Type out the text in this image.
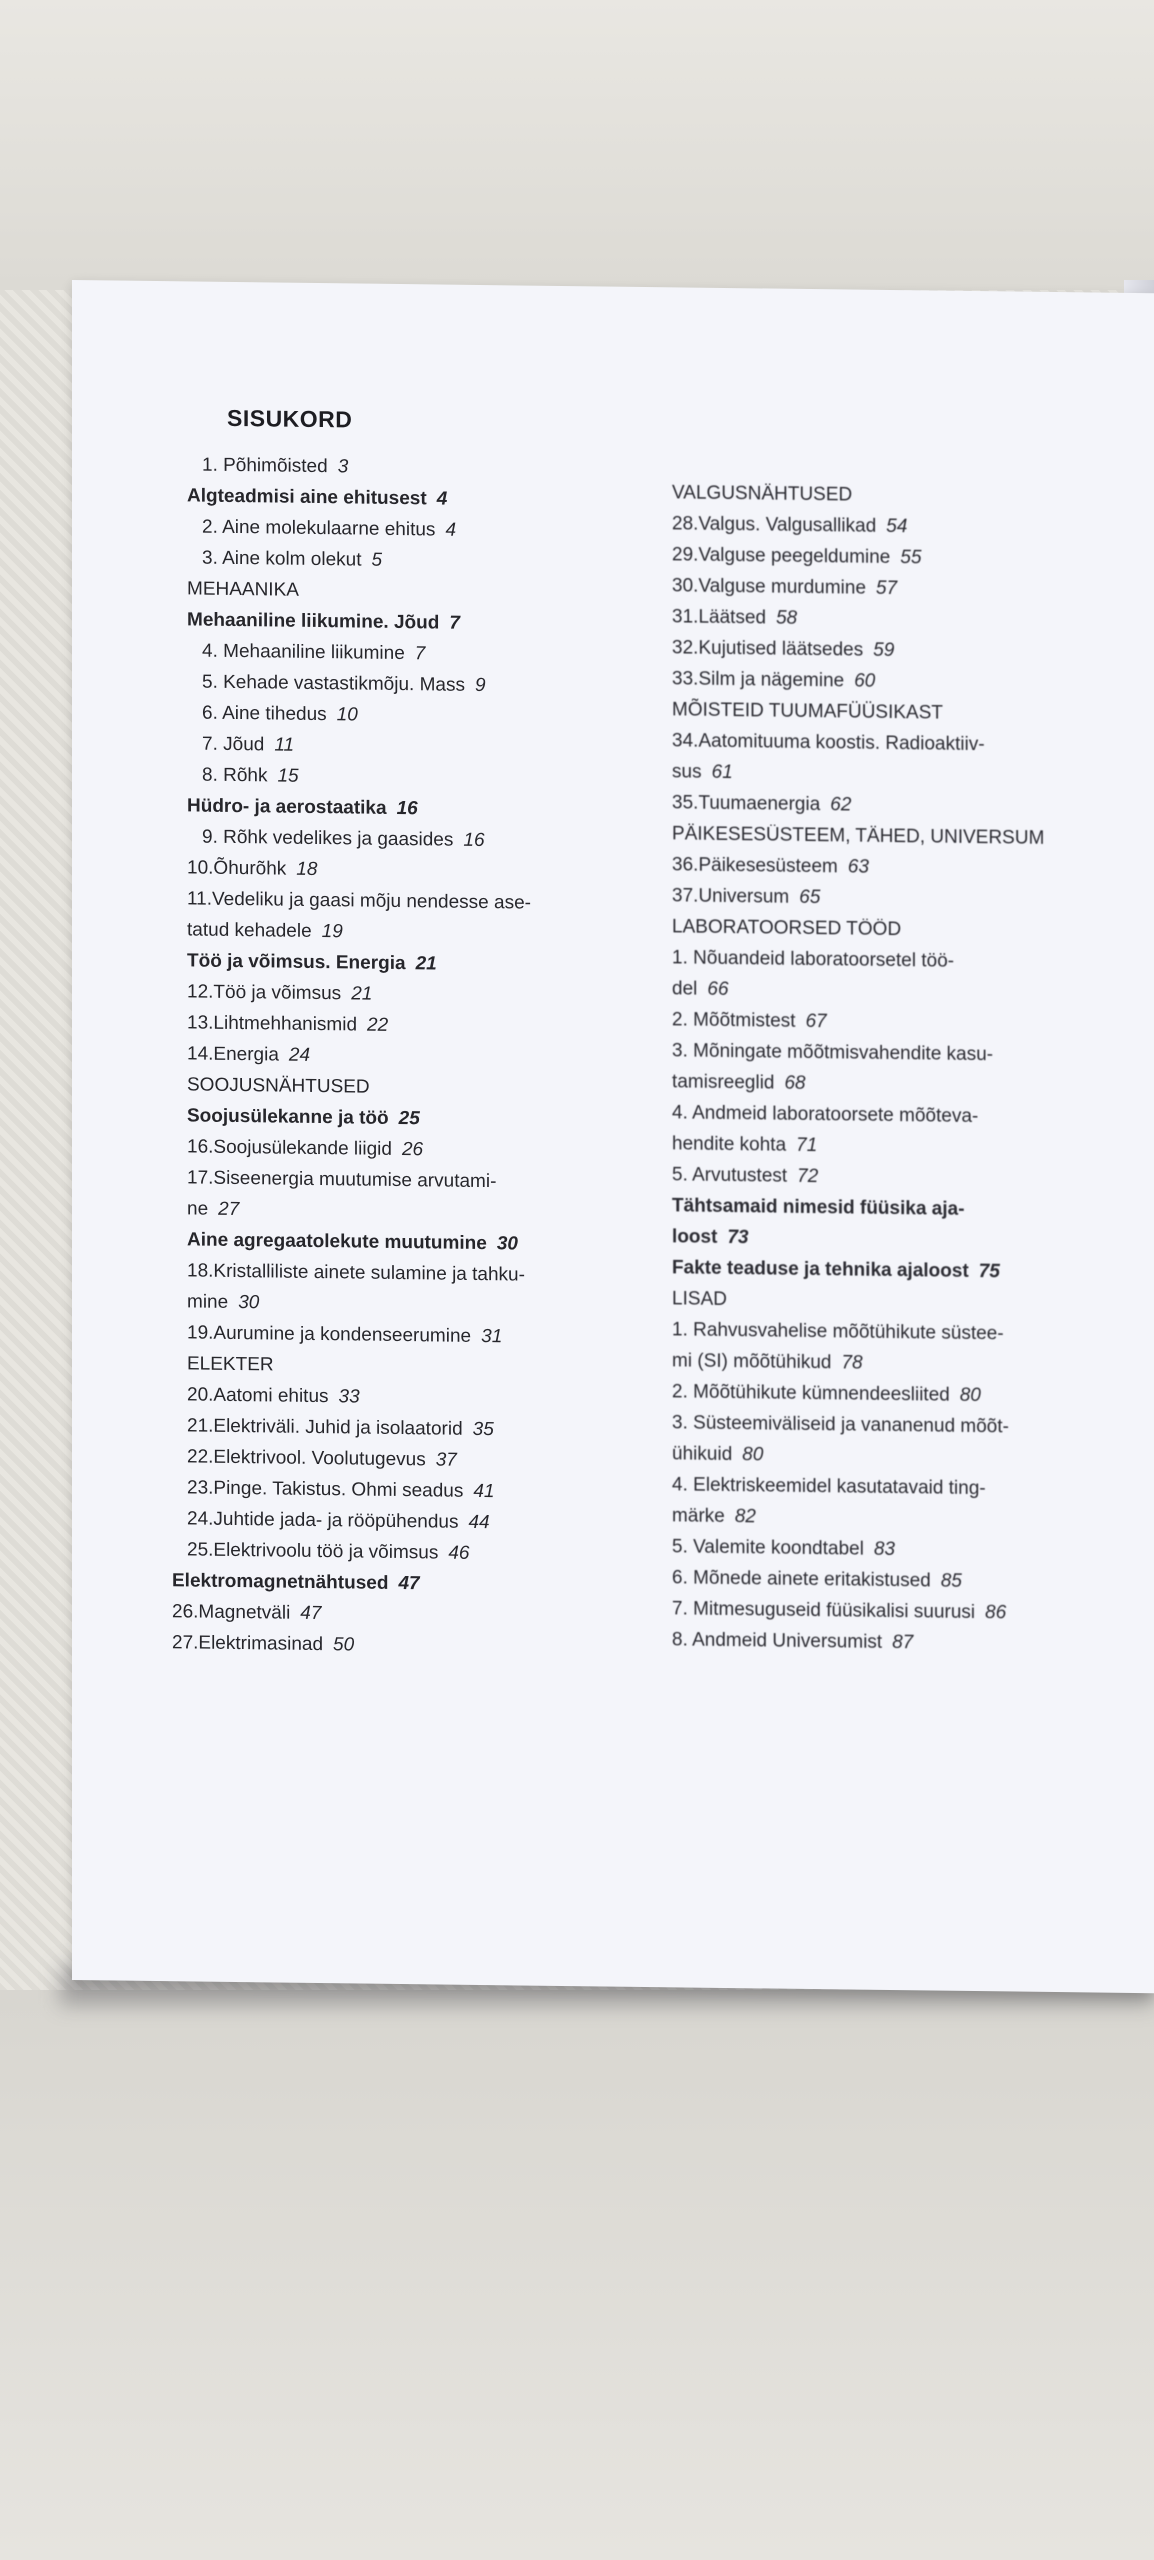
SISUKORD
1. Põhimõisted 3
Algteadmisi aine ehitusest 4
2. Aine molekulaarne ehitus 4
3. Aine kolm olekut 5
MEHAANIKA
Mehaaniline liikumine. Jõud 7
4. Mehaaniline liikumine 7
5. Kehade vastastikmõju. Mass 9
6. Aine tihedus 10
7. Jõud 11
8. Rõhk 15
Hüdro- ja aerostaatika 16
9. Rõhk vedelikes ja gaasides 16
10.Õhurõhk 18
11.Vedeliku ja gaasi mõju nendesse ase-
tatud kehadele 19
Töö ja võimsus. Energia 21
12.Töö ja võimsus 21
13.Lihtmehhanismid 22
14.Energia 24
SOOJUSNÄHTUSED
Soojusülekanne ja töö 25
16.Soojusülekande liigid 26
17.Siseenergia muutumise arvutami-
ne 27
Aine agregaatolekute muutumine 30
18.Kristalliliste ainete sulamine ja tahku-
mine 30
19.Aurumine ja kondenseerumine 31
ELEKTER
20.Aatomi ehitus 33
21.Elektriväli. Juhid ja isolaatorid 35
22.Elektrivool. Voolutugevus 37
23.Pinge. Takistus. Ohmi seadus 41
24.Juhtide jada- ja rööpühendus 44
25.Elektrivoolu töö ja võimsus 46
Elektromagnetnähtused 47
26.Magnetväli 47
27.Elektrimasinad 50
VALGUSNÄHTUSED
28.Valgus. Valgusallikad 54
29.Valguse peegeldumine 55
30.Valguse murdumine 57
31.Läätsed 58
32.Kujutised läätsedes 59
33.Silm ja nägemine 60
MÕISTEID TUUMAFÜÜSIKAST
34.Aatomituuma koostis. Radioaktiiv-
sus 61
35.Tuumaenergia 62
PÄIKESESÜSTEEM, TÄHED, UNIVERSUM
36.Päikesesüsteem 63
37.Universum 65
LABORATOORSED TÖÖD
1. Nõuandeid laboratoorsetel töö-
del 66
2. Mõõtmistest 67
3. Mõningate mõõtmisvahendite kasu-
tamisreeglid 68
4. Andmeid laboratoorsete mõõteva-
hendite kohta 71
5. Arvutustest 72
Tähtsamaid nimesid füüsika aja-
loost 73
Fakte teaduse ja tehnika ajaloost 75
LISAD
1. Rahvusvahelise mõõtühikute süstee-
mi (SI) mõõtühikud 78
2. Mõõtühikute kümnendeesliited 80
3. Süsteemiväliseid ja vananenud mõõt-
ühikuid 80
4. Elektriskeemidel kasutatavaid ting-
märke 82
5. Valemite koondtabel 83
6. Mõnede ainete eritakistused 85
7. Mitmesuguseid füüsikalisi suurusi 86
8. Andmeid Universumist 87
